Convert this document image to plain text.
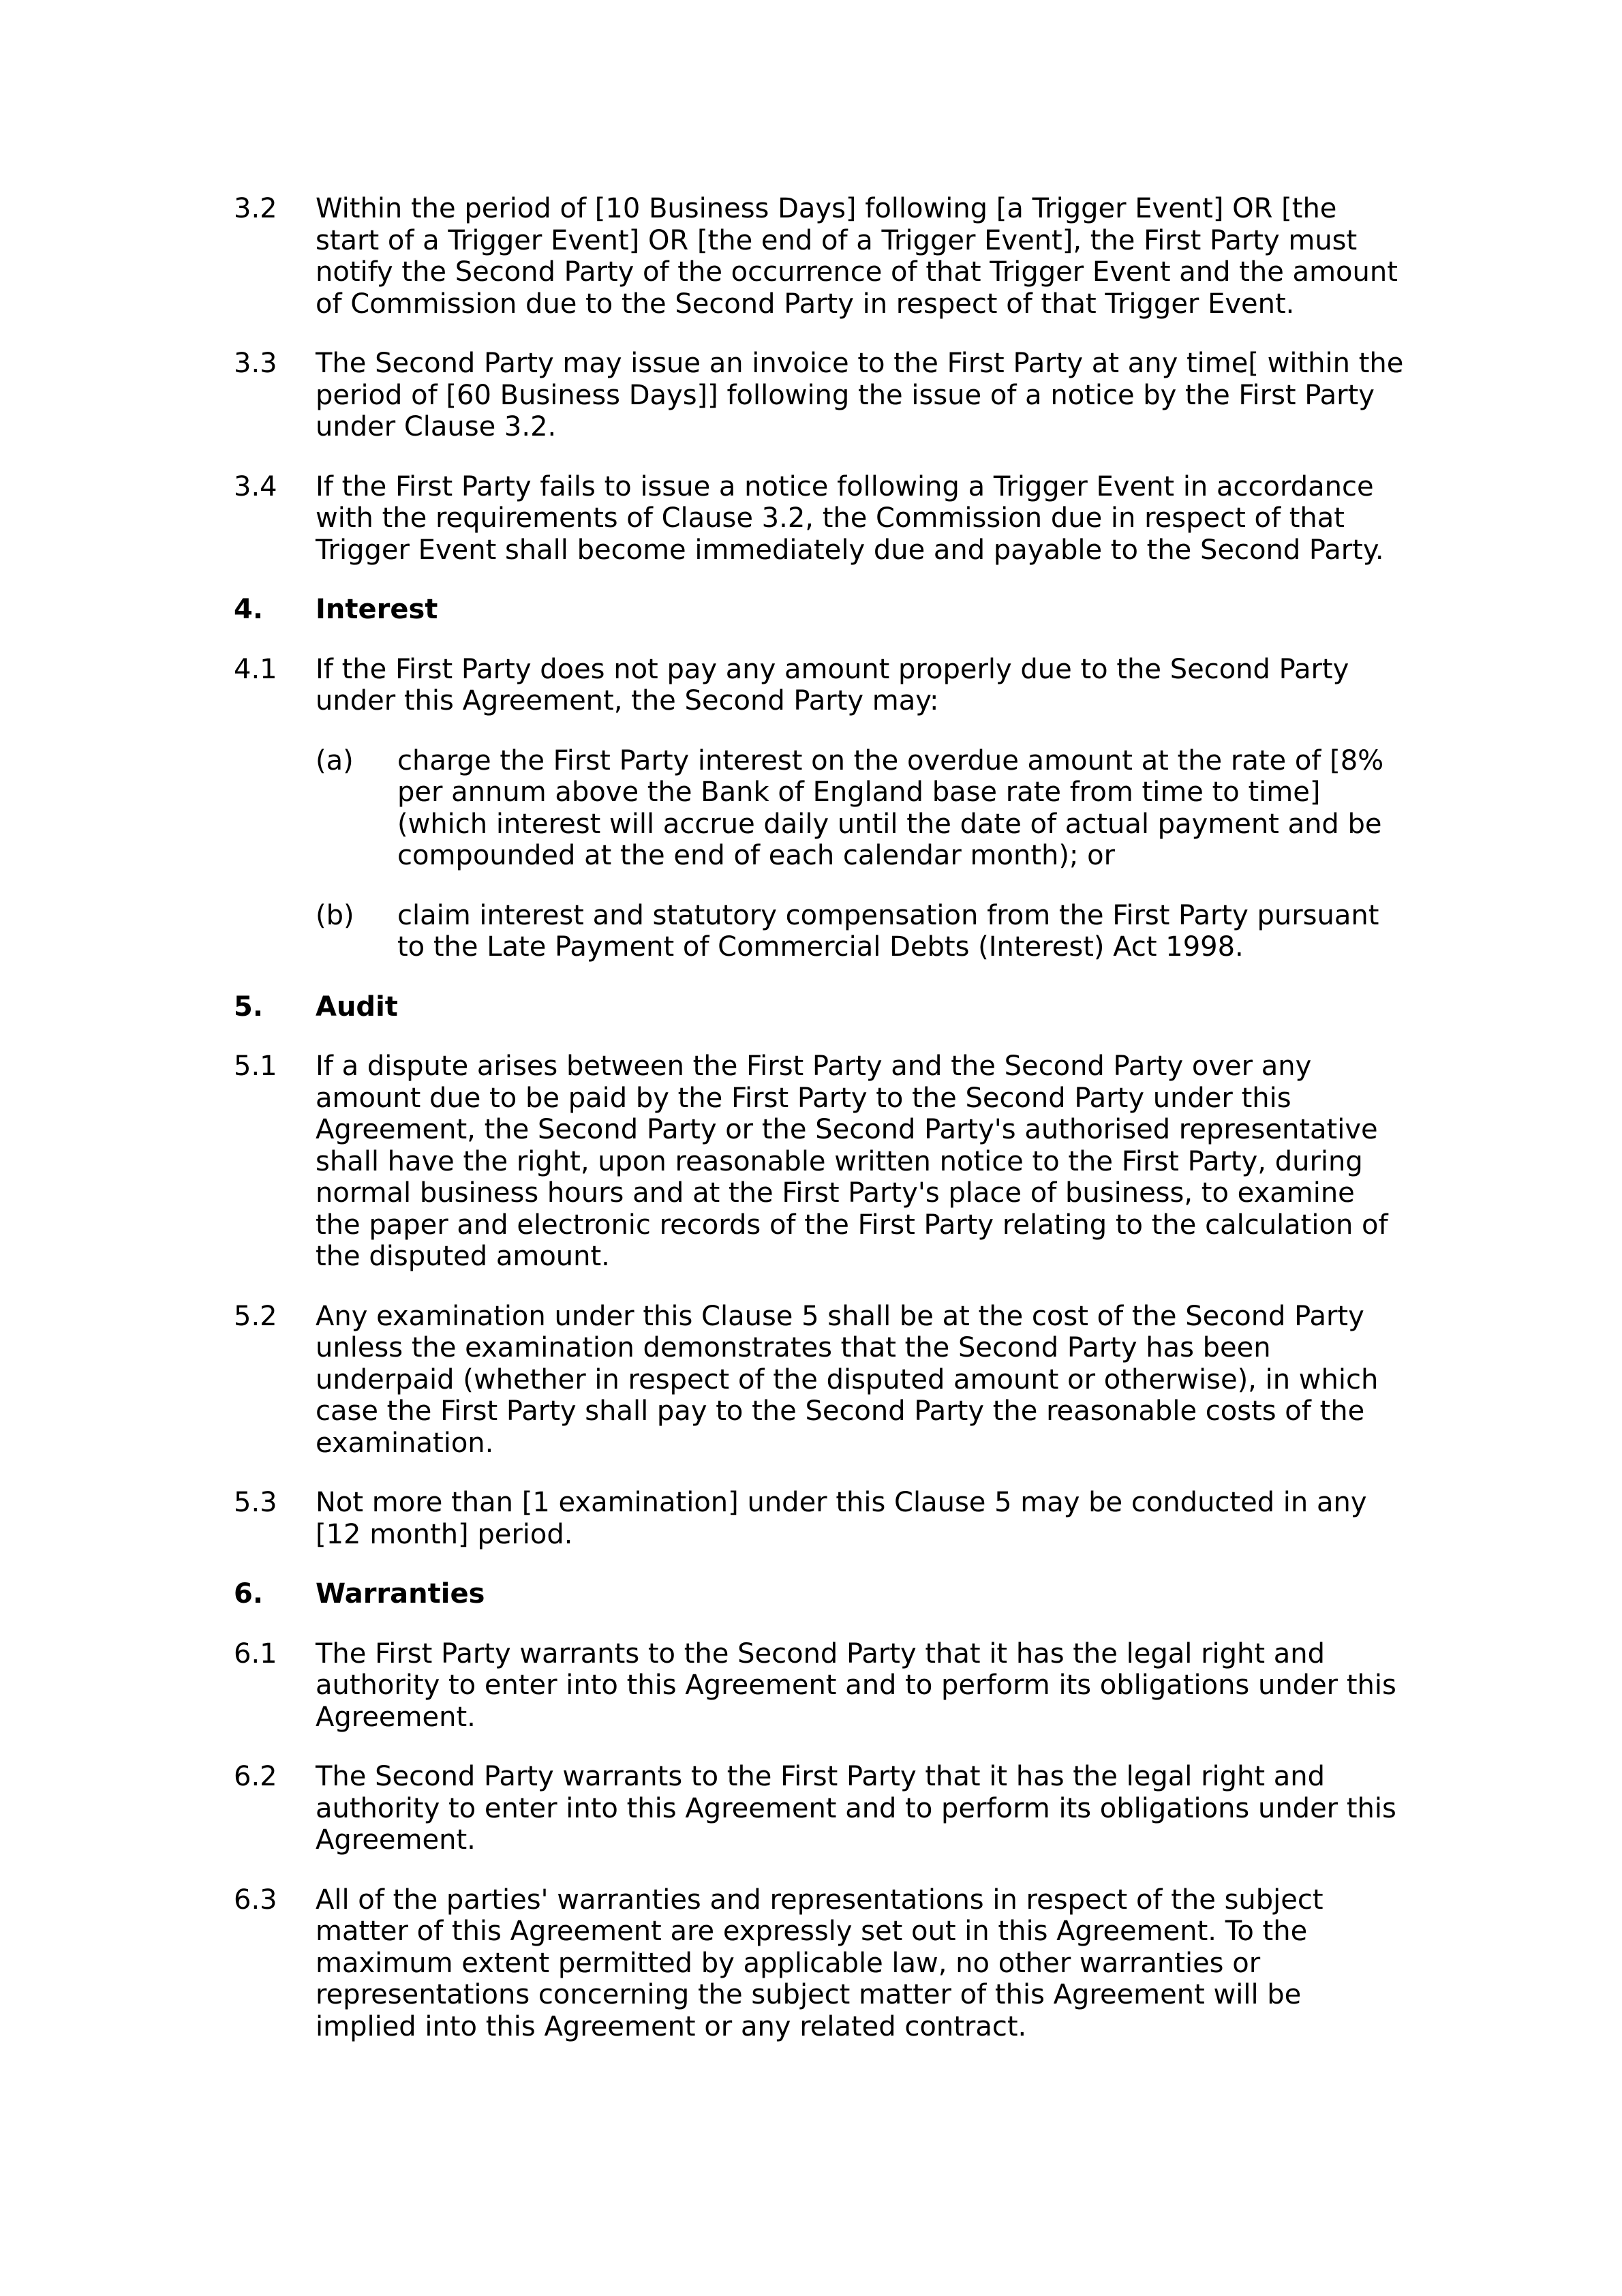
3.2	Within the period of [10 Business Days] following [a Trigger Event] OR [the start of a Trigger Event] OR [the end of a Trigger Event], the First Party must notify the Second Party of the occurrence of that Trigger Event and the amount of Commission due to the Second Party in respect of that Trigger Event.
3.3	The Second Party may issue an invoice to the First Party at any time[ within the period of [60 Business Days]] following the issue of a notice by the First Party under Clause 3.2.
3.4	If the First Party fails to issue a notice following a Trigger Event in accordance with the requirements of Clause 3.2, the Commission due in respect of that Trigger Event shall become immediately due and payable to the Second Party.
4.	Interest
4.1	If the First Party does not pay any amount properly due to the Second Party under this Agreement, the Second Party may:
(a)	charge the First Party interest on the overdue amount at the rate of [8% per annum above the Bank of England base rate from time to time] (which interest will accrue daily until the date of actual payment and be compounded at the end of each calendar month); or
(b)	claim interest and statutory compensation from the First Party pursuant to the Late Payment of Commercial Debts (Interest) Act 1998.
5.	Audit
5.1	If a dispute arises between the First Party and the Second Party over any amount due to be paid by the First Party to the Second Party under this Agreement, the Second Party or the Second Party's authorised representative shall have the right, upon reasonable written notice to the First Party, during normal business hours and at the First Party's place of business, to examine the paper and electronic records of the First Party relating to the calculation of the disputed amount.
5.2	Any examination under this Clause 5 shall be at the cost of the Second Party unless the examination demonstrates that the Second Party has been underpaid (whether in respect of the disputed amount or otherwise), in which case the First Party shall pay to the Second Party the reasonable costs of the examination.
5.3	Not more than [1 examination] under this Clause 5 may be conducted in any [12 month] period.
6.	Warranties
6.1	The First Party warrants to the Second Party that it has the legal right and authority to enter into this Agreement and to perform its obligations under this Agreement.
6.2	The Second Party warrants to the First Party that it has the legal right and authority to enter into this Agreement and to perform its obligations under this Agreement.
6.3	All of the parties' warranties and representations in respect of the subject matter of this Agreement are expressly set out in this Agreement. To the maximum extent permitted by applicable law, no other warranties or representations concerning the subject matter of this Agreement will be implied into this Agreement or any related contract.
